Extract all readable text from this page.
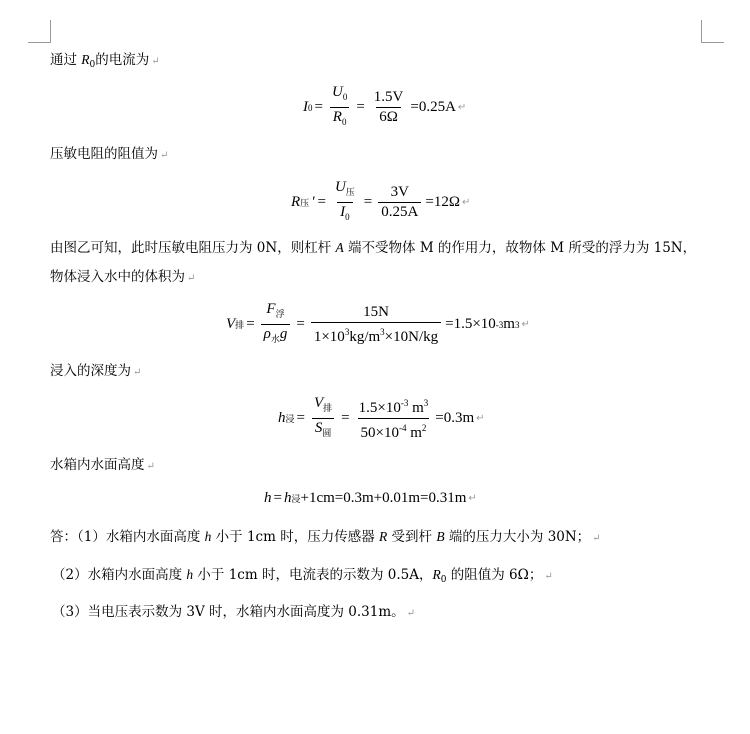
通过 $R_0$的电流为 ↵
I $0 = \frac{U_0}{R_0} = \frac{1.5V}{6\Omega} =0.25A$ ↵
压敏电阻的阻值为 ↵
R 压 ′ = $\frac{U_压}{I_0} = \frac{3V}{0.25A} =12\Omega$ ↵
由图乙可知，此时压敏电阻压力为 0N，则杠杆 A 端不受物体 M 的作用力，故物体 M 所受的浮力为 15N，
物体浸入水中的体积为 ↵
V 排 = $\frac{F_浮}{\rho_水g} = \frac{15N}{1\times 10^3kg/m^3\times 10N/kg} =1.5\times 10$ -3 m 3 ↵
浸入的深度为 ↵
h 浸 = $\frac{V_排}{S_圆} = \frac{1.5\times 10^{-3} m^3}{50\times 10^{-4} m^2} =0.3m$ ↵
水箱内水面高度 ↵
h = h 浸 +1cm=0.3m+0.01m=0.31m ↵
答：（1）水箱内水面高度 h 小于 1cm 时，压力传感器 R 受到杆 B 端的压力大小为 30N； ↵
（2）水箱内水面高度 h 小于 1cm 时，电流表的示数为 0.5A，$R_0$ 的阻值为 6Ω； ↵
（3）当电压表示数为 3V 时，水箱内水面高度为 0.31m。 ↵
